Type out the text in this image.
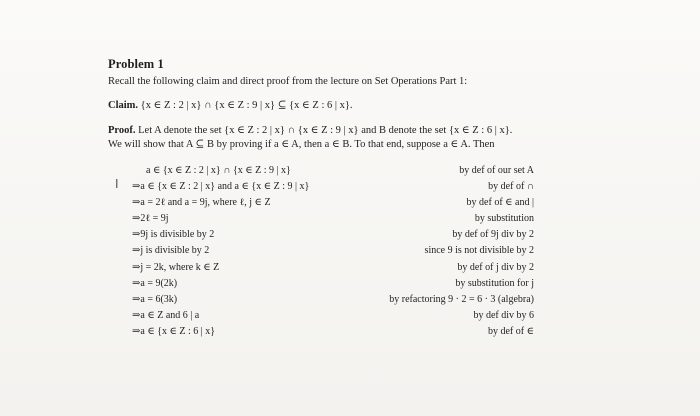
Problem 1
Recall the following claim and direct proof from the lecture on Set Operations Part 1:
Claim. {x ∈ Z : 2 | x} ∩ {x ∈ Z : 9 | x} ⊆ {x ∈ Z : 6 | x}.
Proof. Let A denote the set {x ∈ Z : 2 | x} ∩ {x ∈ Z : 9 | x} and B denote the set {x ∈ Z : 6 | x}.
We will show that A ⊆ B by proving if a ∈ A, then a ∈ B. To that end, suppose a ∈ A. Then
I
a ∈ {x ∈ Z : 2 | x} ∩ {x ∈ Z : 9 | x}	by def of our set A
⇒a ∈ {x ∈ Z : 2 | x} and a ∈ {x ∈ Z : 9 | x}	by def of ∩
⇒a = 2ℓ and a = 9j, where ℓ, j ∈ Z	by def of ∈ and |
⇒2ℓ = 9j	by substitution
⇒9j is divisible by 2	by def of 9j div by 2
⇒j is divisible by 2	since 9 is not divisible by 2
⇒j = 2k, where k ∈ Z	by def of j div by 2
⇒a = 9(2k)	by substitution for j
⇒a = 6(3k)	by refactoring 9 · 2 = 6 · 3 (algebra)
⇒a ∈ Z and 6 | a	by def div by 6
⇒a ∈ {x ∈ Z : 6 | x}	by def of ∈
